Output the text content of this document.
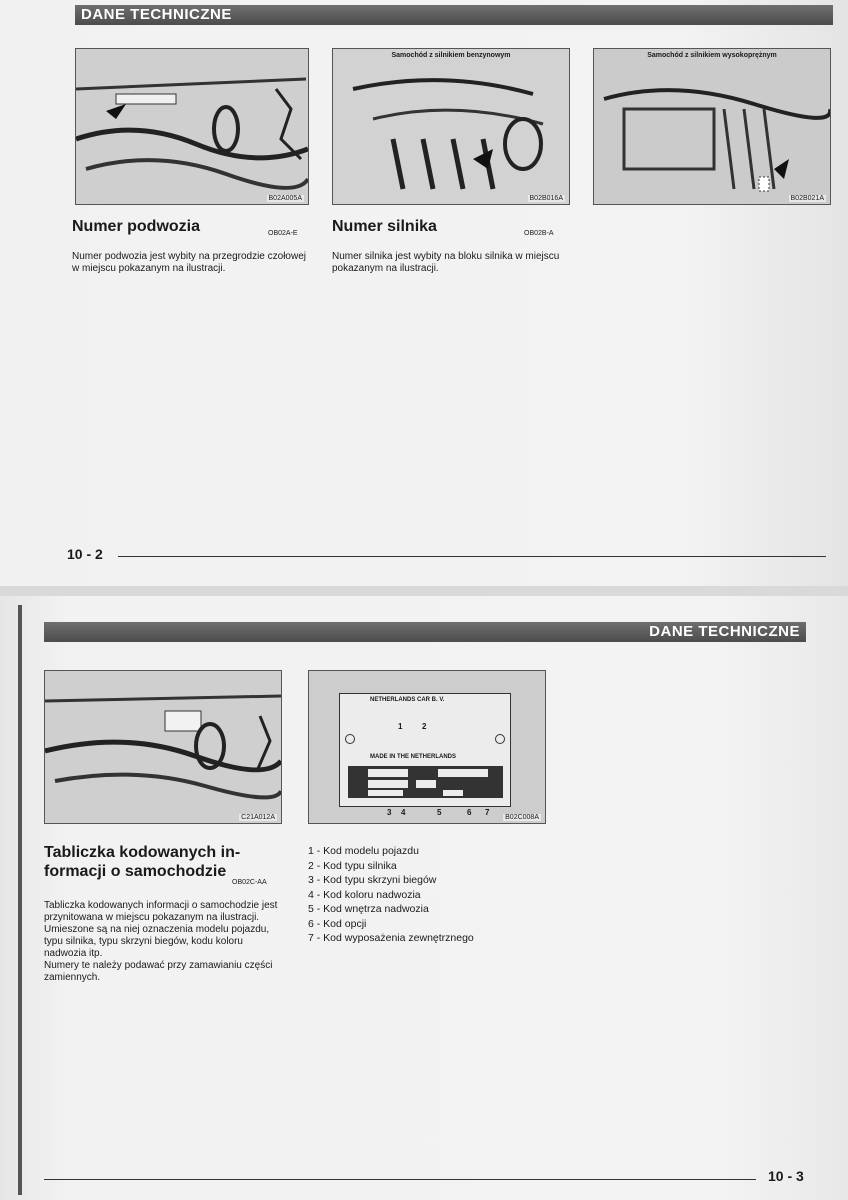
DANE TECHNICZNE
B02A005A
Samochód z silnikiem benzynowym
B02B016A
Samochód z silnikiem wysokoprężnym
B02B021A
Numer podwozia	OB02A-E
Numer podwozia jest wybity na przegrodzie czołowej w miejscu pokazanym na ilustracji.
Numer silnika	OB02B-A
Numer silnika jest wybity na bloku silnika w miejscu pokazanym na ilustracji.
10 - 2
DANE TECHNICZNE
C21A012A
NETHERLANDS CAR B. V.
MADE IN THE NETHERLANDS
1 2
3 4	5	6 7
B02C008A
Tabliczka kodowanych in-
formacji o samochodzie
OB02C-AA
Tabliczka kodowanych informacji o samochodzie jest przynitowana w miejscu pokazanym na ilustracji.
Umieszone są na niej oznaczenia modelu pojazdu, typu silnika, typu skrzyni biegów, kodu koloru nadwozia itp.
Numery te należy podawać przy zamawianiu części zamiennych.
1 - Kod modelu pojazdu
2 - Kod typu silnika
3 - Kod typu skrzyni biegów
4 - Kod koloru nadwozia
5 - Kod wnętrza nadwozia
6 - Kod opcji
7 - Kod wyposażenia zewnętrznego
10 - 3
